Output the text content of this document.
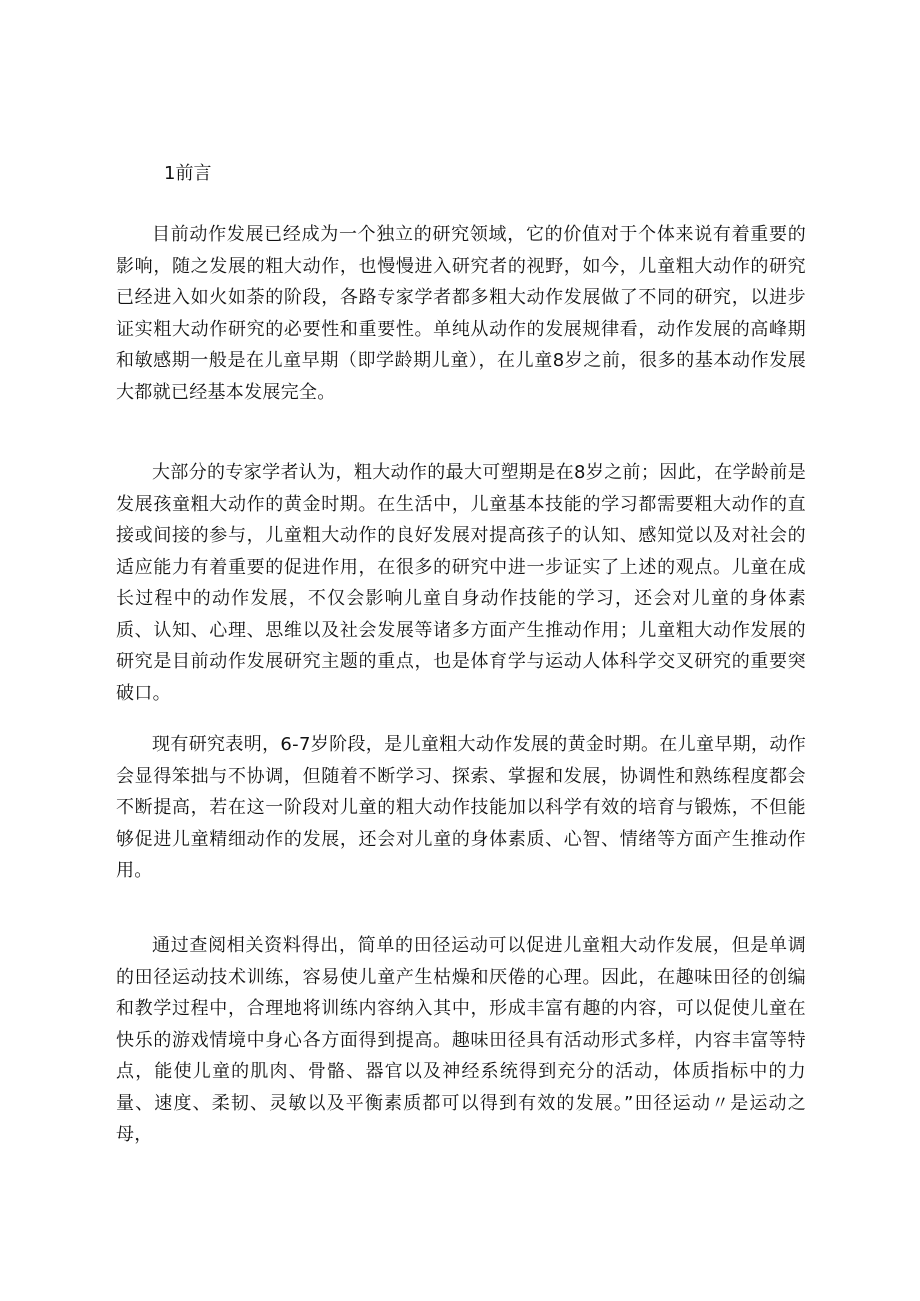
1前言

目前动作发展已经成为一个独立的研究领域，它的价值对于个体来说有着重要的影响，随之发展的粗大动作，也慢慢进入研究者的视野，如今，儿童粗大动作的研究已经进入如火如荼的阶段，各路专家学者都多粗大动作发展做了不同的研究，以进步证实粗大动作研究的必要性和重要性。单纯从动作的发展规律看，动作发展的高峰期和敏感期一般是在儿童早期（即学龄期儿童），在儿童8岁之前，很多的基本动作发展大都就已经基本发展完全。

大部分的专家学者认为，粗大动作的最大可塑期是在8岁之前；因此，在学龄前是发展孩童粗大动作的黄金时期。在生活中，儿童基本技能的学习都需要粗大动作的直接或间接的参与，儿童粗大动作的良好发展对提高孩子的认知、感知觉以及对社会的适应能力有着重要的促进作用，在很多的研究中进一步证实了上述的观点。儿童在成长过程中的动作发展，不仅会影响儿童自身动作技能的学习，还会对儿童的身体素质、认知、心理、思维以及社会发展等诸多方面产生推动作用；儿童粗大动作发展的研究是目前动作发展研究主题的重点，也是体育学与运动人体科学交叉研究的重要突破口。

现有研究表明，6-7岁阶段，是儿童粗大动作发展的黄金时期。在儿童早期，动作会显得笨拙与不协调，但随着不断学习、探索、掌握和发展，协调性和熟练程度都会不断提高，若在这一阶段对儿童的粗大动作技能加以科学有效的培育与锻炼，不但能够促进儿童精细动作的发展，还会对儿童的身体素质、心智、情绪等方面产生推动作用。

通过查阅相关资料得出，简单的田径运动可以促进儿童粗大动作发展，但是单调的田径运动技术训练，容易使儿童产生枯燥和厌倦的心理。因此，在趣味田径的创编和教学过程中，合理地将训练内容纳入其中，形成丰富有趣的内容，可以促使儿童在快乐的游戏情境中身心各方面得到提高。趣味田径具有活动形式多样，内容丰富等特点，能使儿童的肌肉、骨骼、器官以及神经系统得到充分的活动，体质指标中的力量、速度、柔韧、灵敏以及平衡素质都可以得到有效的发展。”田径运动〃是运动之母，
